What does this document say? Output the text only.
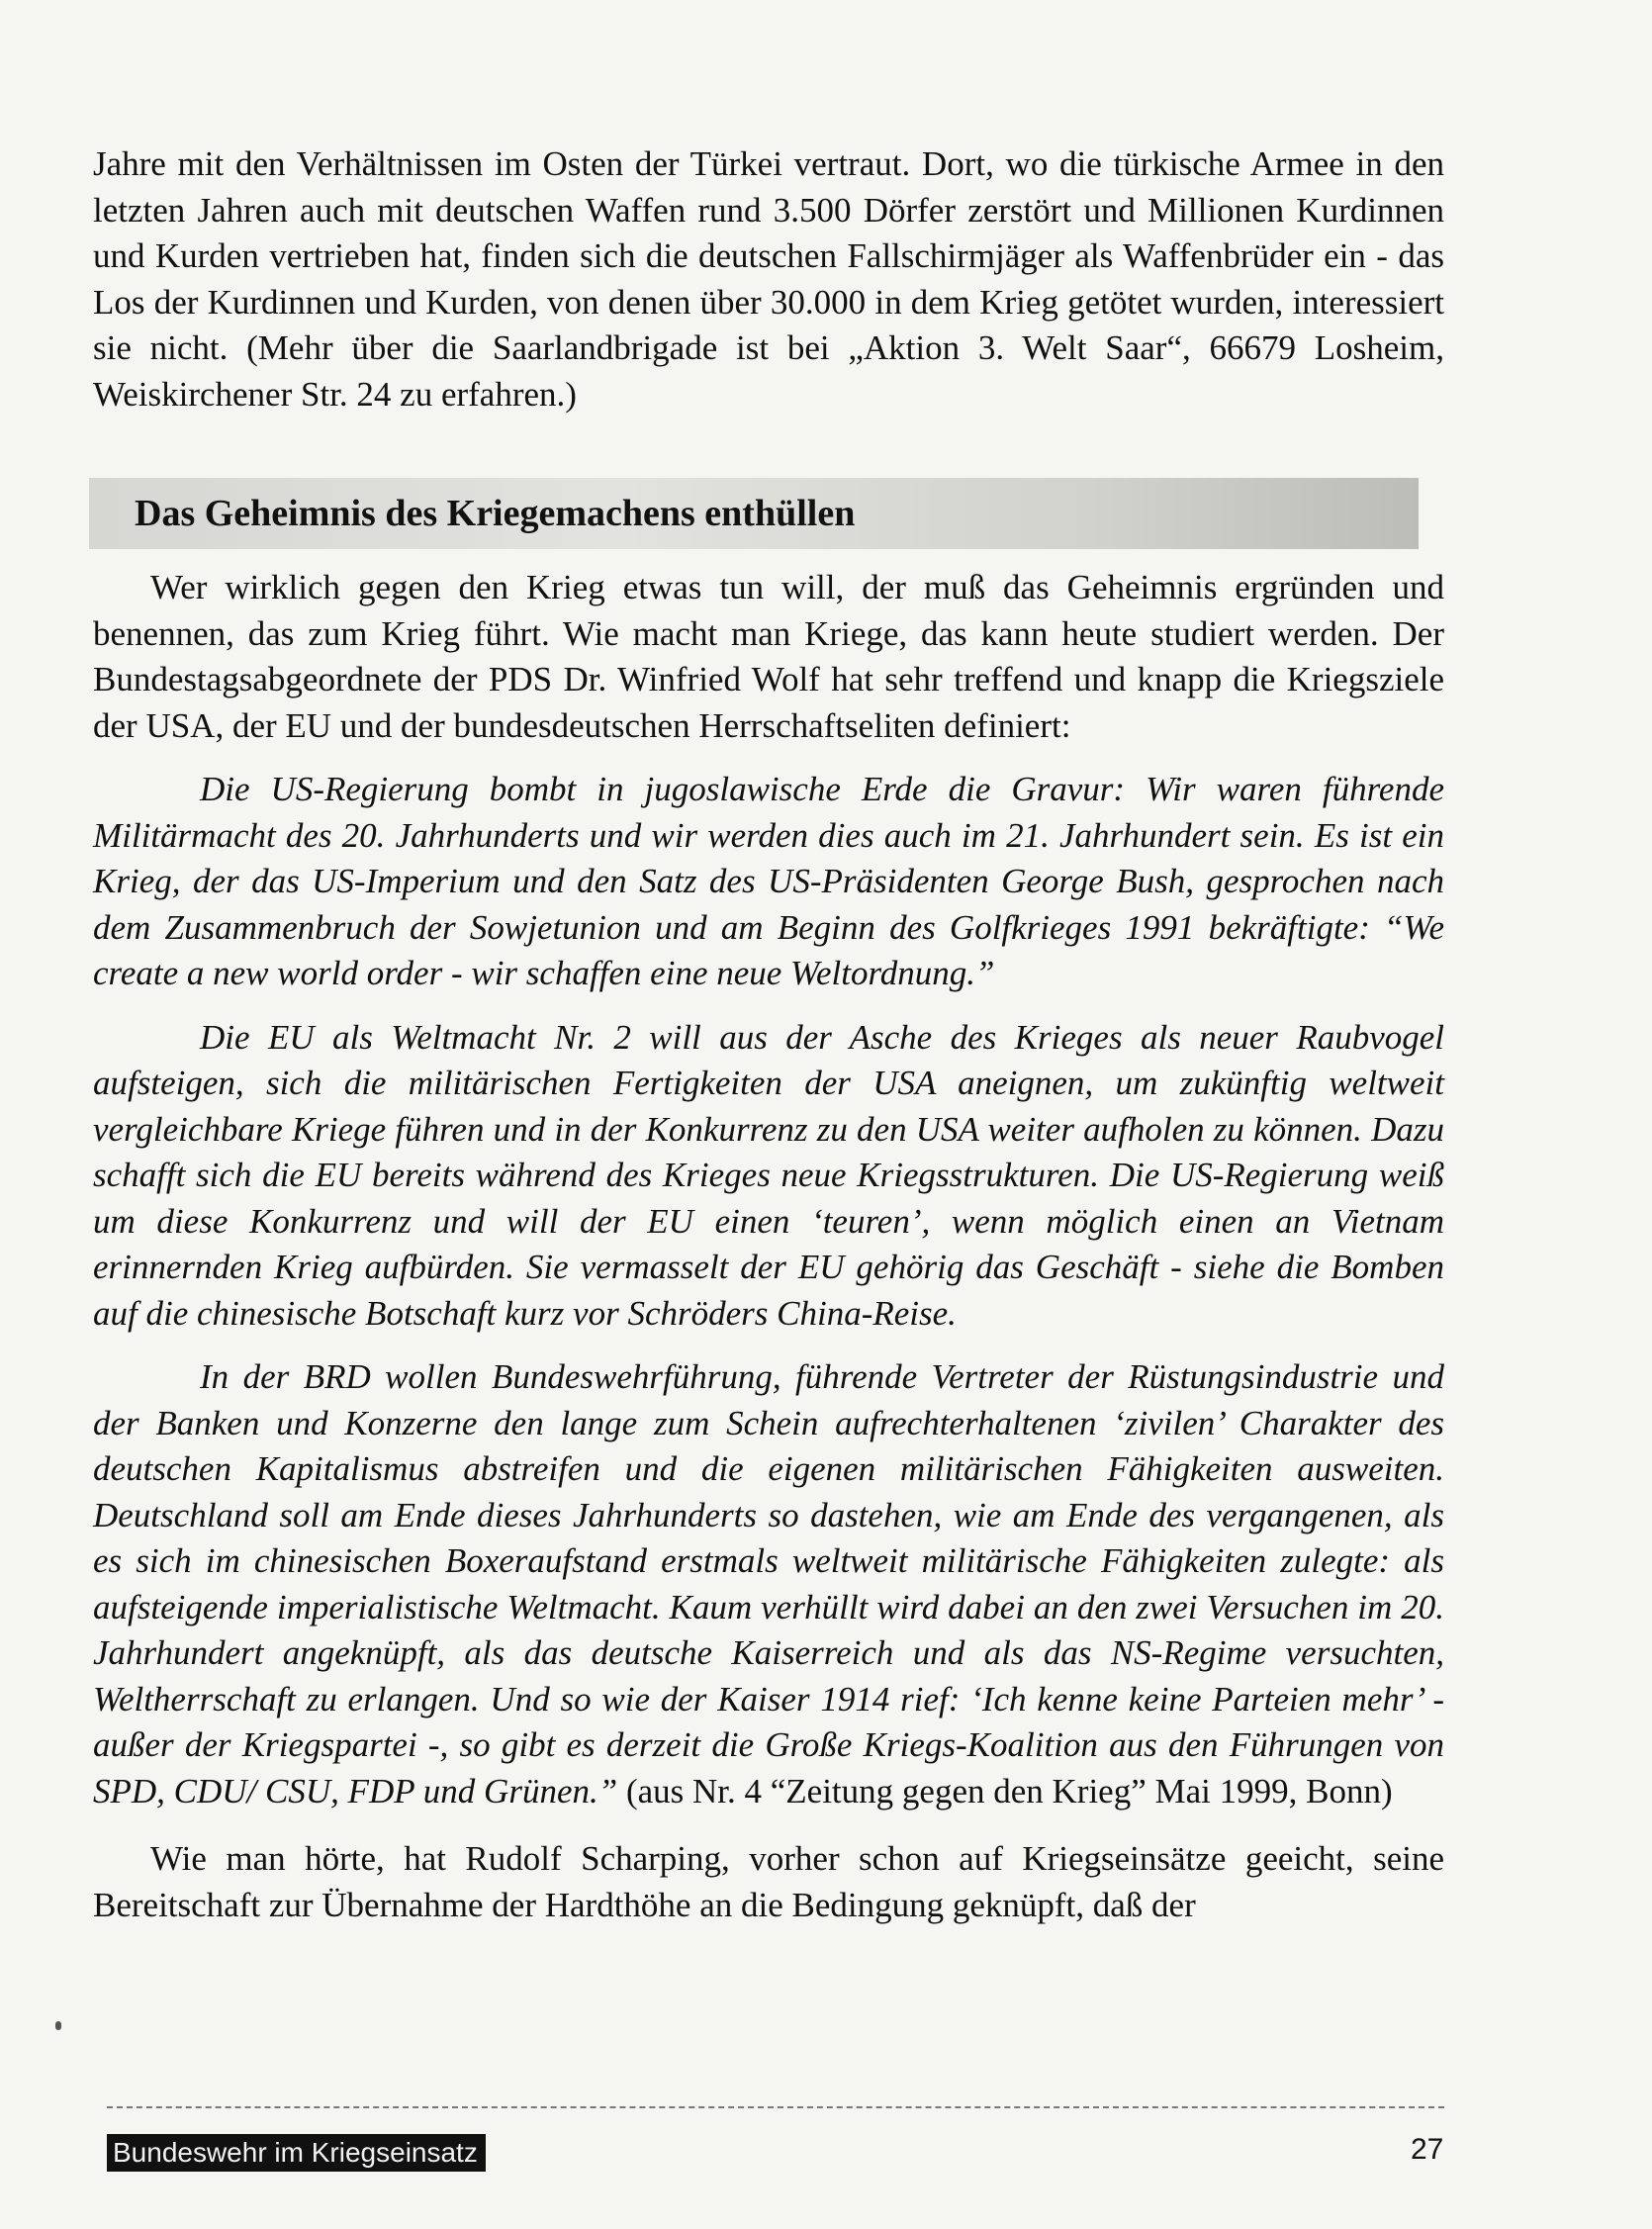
Jahre mit den Verhältnissen im Osten der Türkei vertraut. Dort, wo die türkische Armee in den letzten Jahren auch mit deutschen Waffen rund 3.500 Dörfer zerstört und Millionen Kurdinnen und Kurden vertrieben hat, finden sich die deutschen Fallschirmjäger als Waffenbrüder ein - das Los der Kurdinnen und Kurden, von denen über 30.000 in dem Krieg getötet wurden, interessiert sie nicht. (Mehr über die Saarlandbrigade ist bei „Aktion 3. Welt Saar“, 66679 Losheim, Weiskirchener Str. 24 zu erfahren.)

Das Geheimnis des Kriegemachens enthüllen

Wer wirklich gegen den Krieg etwas tun will, der muß das Geheimnis ergründen und benennen, das zum Krieg führt. Wie macht man Kriege, das kann heute studiert werden. Der Bundestagsabgeordnete der PDS Dr. Winfried Wolf hat sehr treffend und knapp die Kriegsziele der USA, der EU und der bundesdeutschen Herrschaftseliten definiert:

Die US-Regierung bombt in jugoslawische Erde die Gravur: Wir waren führende Militärmacht des 20. Jahrhunderts und wir werden dies auch im 21. Jahrhundert sein. Es ist ein Krieg, der das US-Imperium und den Satz des US-Präsidenten George Bush, gesprochen nach dem Zusammenbruch der Sowjetunion und am Beginn des Golfkrieges 1991 bekräftigte: “We create a new world order - wir schaffen eine neue Weltordnung.”

Die EU als Weltmacht Nr. 2 will aus der Asche des Krieges als neuer Raubvogel aufsteigen, sich die militärischen Fertigkeiten der USA aneignen, um zukünftig weltweit vergleichbare Kriege führen und in der Konkurrenz zu den USA weiter aufholen zu können. Dazu schafft sich die EU bereits während des Krieges neue Kriegsstrukturen. Die US-Regierung weiß um diese Konkurrenz und will der EU einen ‘teuren’, wenn möglich einen an Vietnam erinnernden Krieg aufbürden. Sie vermasselt der EU gehörig das Geschäft - siehe die Bomben auf die chinesische Botschaft kurz vor Schröders China-Reise.

In der BRD wollen Bundeswehrführung, führende Vertreter der Rüstungsindustrie und der Banken und Konzerne den lange zum Schein aufrechterhaltenen ‘zivilen’ Charakter des deutschen Kapitalismus abstreifen und die eigenen militärischen Fähigkeiten ausweiten. Deutschland soll am Ende dieses Jahrhunderts so dastehen, wie am Ende des vergangenen, als es sich im chinesischen Boxeraufstand erstmals weltweit militärische Fähigkeiten zulegte: als aufsteigende imperialistische Weltmacht. Kaum verhüllt wird dabei an den zwei Versuchen im 20. Jahrhundert angeknüpft, als das deutsche Kaiserreich und als das NS-Regime versuchten, Weltherrschaft zu erlangen. Und so wie der Kaiser 1914 rief: ‘Ich kenne keine Parteien mehr’ - außer der Kriegspartei -, so gibt es derzeit die Große Kriegs-Koalition aus den Führungen von SPD, CDU/ CSU, FDP und Grünen.” (aus Nr. 4 “Zeitung gegen den Krieg” Mai 1999, Bonn)

Wie man hörte, hat Rudolf Scharping, vorher schon auf Kriegseinsätze geeicht, seine Bereitschaft zur Übernahme der Hardthöhe an die Bedingung geknüpft, daß der

Bundeswehr im Kriegseinsatz	27
